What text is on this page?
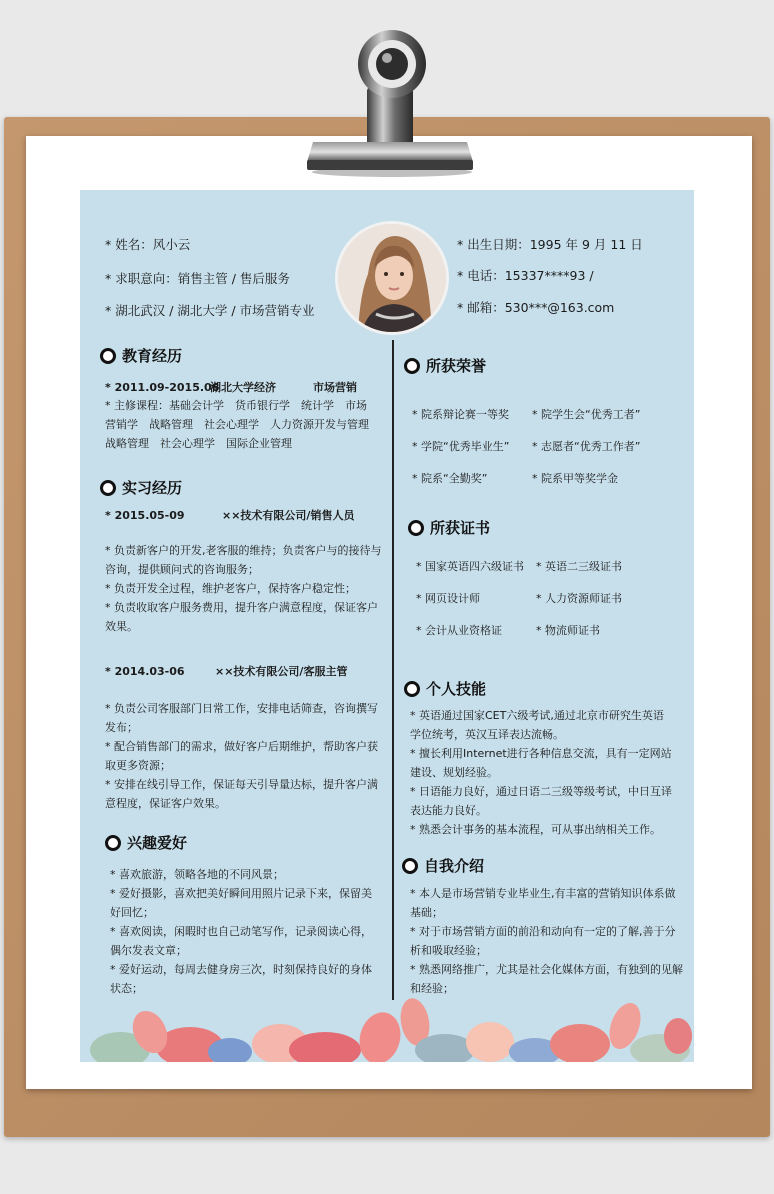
* 姓名：风小云
* 求职意向：销售主管 / 售后服务
* 湖北武汉 / 湖北大学 / 市场营销专业
* 出生日期：1995 年 9 月 11 日
* 电话：15337****93 /
* 邮箱：530***@163.com
教育经历
* 2011.09-2015.06
湖北大学经济	市场营销
* 主修课程：基础会计学　货币银行学　统计学　市场
营销学　战略管理　社会心理学　人力资源开发与管理
战略管理　社会心理学　国际企业管理
实习经历
* 2015.05-09	××技术有限公司/销售人员
* 负责新客户的开发,老客服的维持；负责客户与的接待与
咨询，提供顾问式的咨询服务；
* 负责开发全过程，维护老客户，保持客户稳定性；
* 负责收取客户服务费用，提升客户满意程度，保证客户
效果。
* 2014.03-06	××技术有限公司/客服主管
* 负责公司客服部门日常工作，安排电话筛查，咨询撰写
发布；
* 配合销售部门的需求，做好客户后期维护，帮助客户获
取更多资源；
* 安排在线引导工作，保证每天引导量达标，提升客户满
意程度，保证客户效果。
兴趣爱好
* 喜欢旅游，领略各地的不同风景；
* 爱好摄影，喜欢把美好瞬间用照片记录下来，保留美
好回忆；
* 喜欢阅读，闲暇时也自己动笔写作，记录阅读心得，
偶尔发表文章；
* 爱好运动，每周去健身房三次，时刻保持良好的身体
状态；
所获荣誉
* 院系辩论赛一等奖 * 院学生会“优秀工者”
* 学院“优秀毕业生” * 志愿者“优秀工作者”
* 院系“全勤奖”	* 院系甲等奖学金
所获证书
* 国家英语四六级证书 * 英语二三级证书
* 网页设计师	* 人力资源师证书
* 会计从业资格证	* 物流师证书
个人技能
* 英语通过国家CET六级考试,通过北京市研究生英语
学位统考，英汉互译表达流畅。
* 擅长利用Internet进行各种信息交流，具有一定网站
建设、规划经验。
* 日语能力良好，通过日语二三级等级考试，中日互译
表达能力良好。
* 熟悉会计事务的基本流程，可从事出纳相关工作。
自我介绍
* 本人是市场营销专业毕业生,有丰富的营销知识体系做
基础；
* 对于市场营销方面的前沿和动向有一定的了解,善于分
析和吸取经验；
* 熟悉网络推广，尤其是社会化媒体方面，有独到的见解
和经验；
